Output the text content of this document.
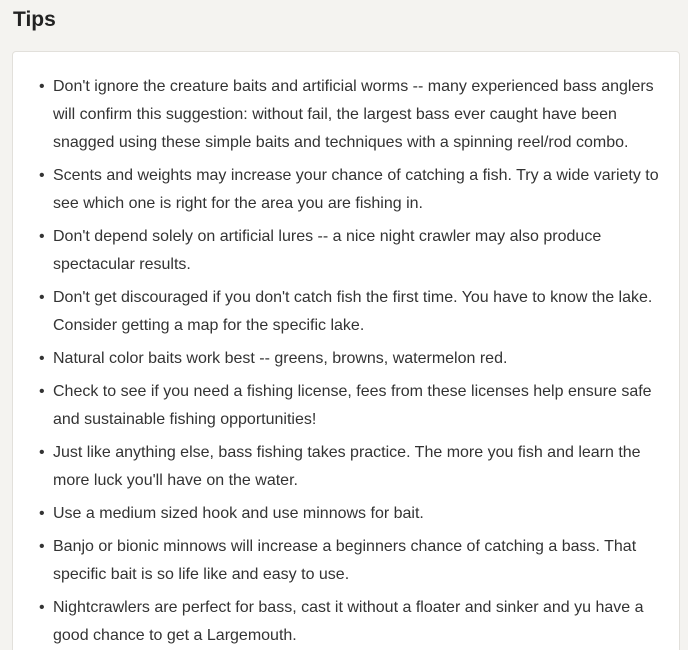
Tips
• Don't ignore the creature baits and artificial worms -- many experienced bass anglers will confirm this suggestion: without fail, the largest bass ever caught have been snagged using these simple baits and techniques with a spinning reel/rod combo.
• Scents and weights may increase your chance of catching a fish. Try a wide variety to see which one is right for the area you are fishing in.
• Don't depend solely on artificial lures -- a nice night crawler may also produce spectacular results.
• Don't get discouraged if you don't catch fish the first time. You have to know the lake. Consider getting a map for the specific lake.
• Natural color baits work best -- greens, browns, watermelon red.
• Check to see if you need a fishing license, fees from these licenses help ensure safe and sustainable fishing opportunities!
• Just like anything else, bass fishing takes practice. The more you fish and learn the more luck you'll have on the water.
• Use a medium sized hook and use minnows for bait.
• Banjo or bionic minnows will increase a beginners chance of catching a bass. That specific bait is so life like and easy to use.
• Nightcrawlers are perfect for bass, cast it without a floater and sinker and yu have a good chance to get a Largemouth.
